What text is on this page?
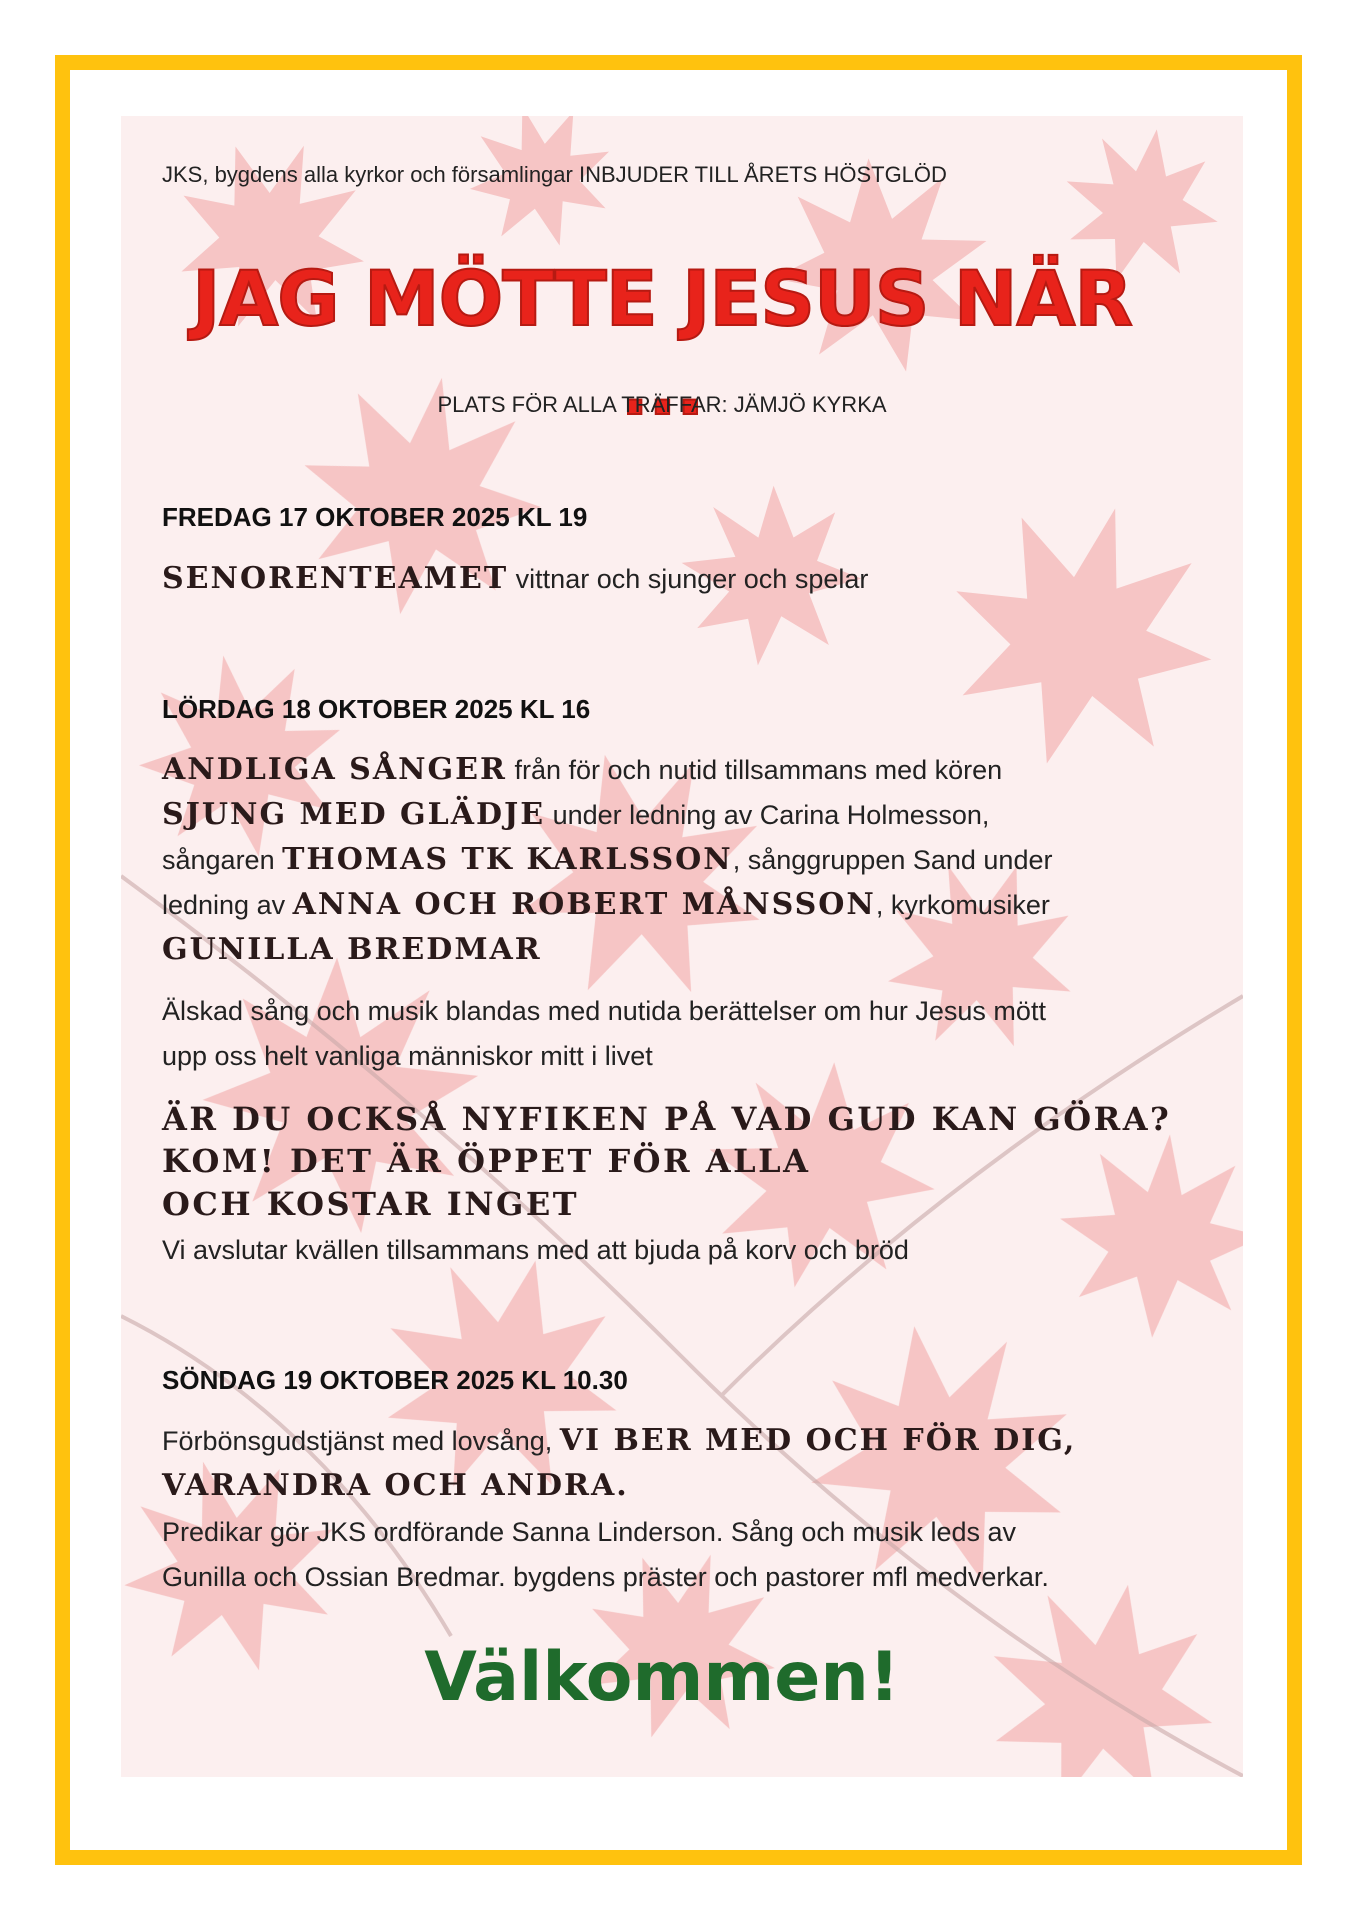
JKS, bygdens alla kyrkor och församlingar INBJUDER TILL ÅRETS HÖSTGLÖD
JAG MÖTTE JESUS NÄR ...
PLATS FÖR ALLA TRÄFFAR: JÄMJÖ KYRKA
FREDAG 17 OKTOBER 2025 KL 19
SENORENTEAMET vittnar och sjunger och spelar
LÖRDAG 18 OKTOBER 2025 KL 16
ANDLIGA SÅNGER från för och nutid tillsammans med kören
SJUNG MED GLÄDJE under ledning av Carina Holmesson,
sångaren THOMAS TK KARLSSON, sånggruppen Sand under
ledning av ANNA OCH ROBERT MÅNSSON, kyrkomusiker
GUNILLA BREDMAR
Älskad sång och musik blandas med nutida berättelser om hur Jesus mött
upp oss helt vanliga människor mitt i livet
ÄR DU OCKSÅ NYFIKEN PÅ VAD GUD KAN GÖRA?
KOM! DET ÄR ÖPPET FÖR ALLA
OCH KOSTAR INGET
Vi avslutar kvällen tillsammans med att bjuda på korv och bröd
SÖNDAG 19 OKTOBER 2025 KL 10.30
Förbönsgudstjänst med lovsång, VI BER MED OCH FÖR DIG,
VARANDRA OCH ANDRA.
Predikar gör JKS ordförande Sanna Linderson. Sång och musik leds av
Gunilla och Ossian Bredmar. bygdens präster och pastorer mfl medverkar.
Välkommen!
